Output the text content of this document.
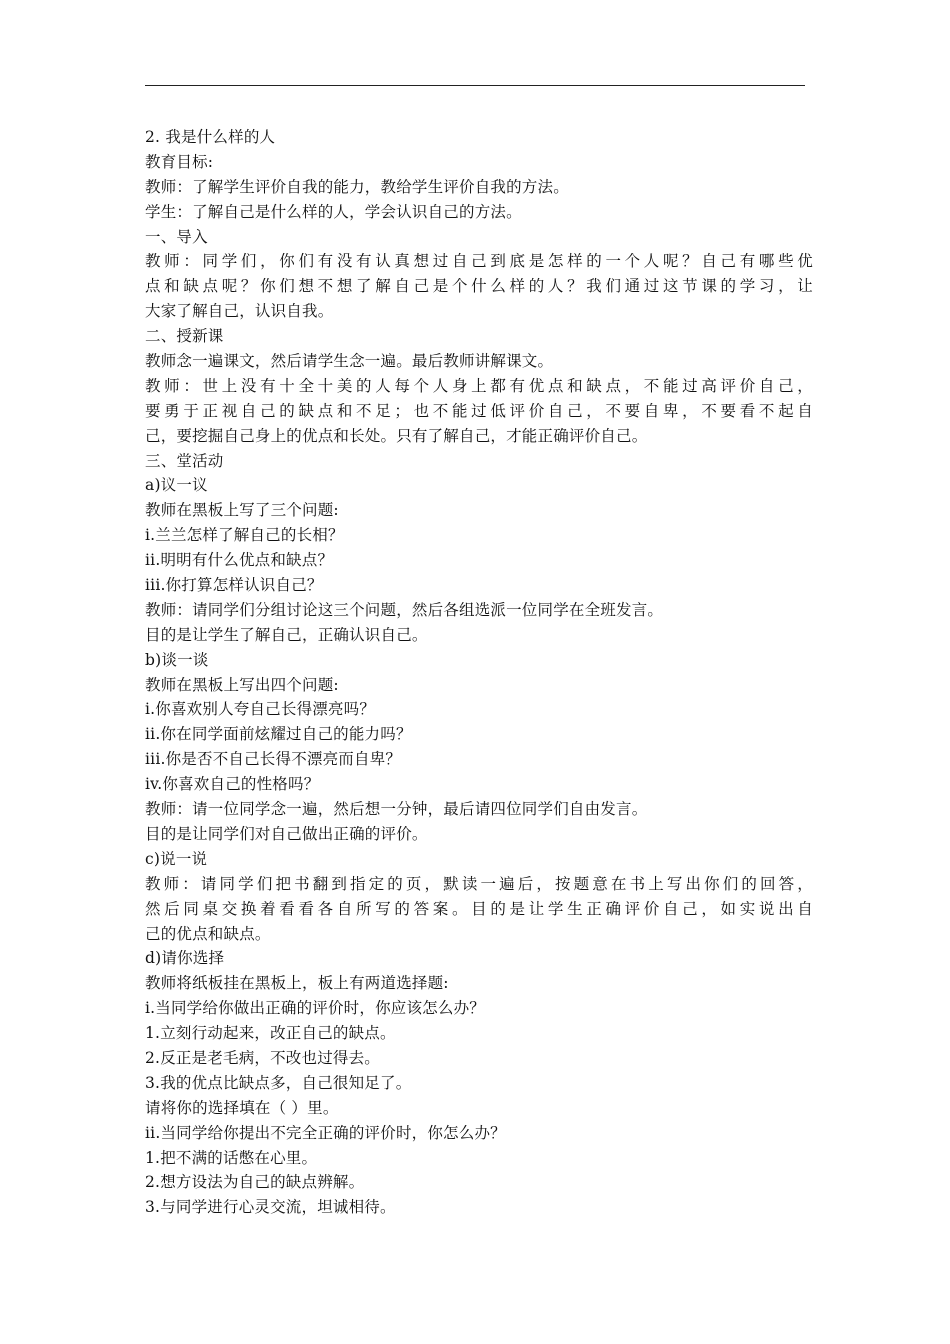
2. 我是什么样的人
教育目标:
教师：了解学生评价自我的能力，教给学生评价自我的方法。
学生：了解自己是什么样的人，学会认识自己的方法。
一、导入
教师：同学们，你们有没有认真想过自己到底是怎样的一个人呢？自己有哪些优
点和缺点呢？你们想不想了解自己是个什么样的人？我们通过这节课的学习，让
大家了解自己，认识自我。
二、授新课
教师念一遍课文，然后请学生念一遍。最后教师讲解课文。
教师：世上没有十全十美的人每个人身上都有优点和缺点，不能过高评价自己，
要勇于正视自己的缺点和不足；也不能过低评价自己，不要自卑，不要看不起自
己，要挖掘自己身上的优点和长处。只有了解自己，才能正确评价自己。
三、堂活动
a)议一议
教师在黑板上写了三个问题:
i.兰兰怎样了解自己的长相？
ii.明明有什么优点和缺点？
iii.你打算怎样认识自己？
教师：请同学们分组讨论这三个问题，然后各组选派一位同学在全班发言。
目的是让学生了解自己，正确认识自己。
b)谈一谈
教师在黑板上写出四个问题:
i.你喜欢别人夸自己长得漂亮吗？
ii.你在同学面前炫耀过自己的能力吗？
iii.你是否不自己长得不漂亮而自卑？
iv.你喜欢自己的性格吗？
教师：请一位同学念一遍，然后想一分钟，最后请四位同学们自由发言。
目的是让同学们对自己做出正确的评价。
c)说一说
教师：请同学们把书翻到指定的页，默读一遍后，按题意在书上写出你们的回答，
然后同桌交换着看看各自所写的答案。目的是让学生正确评价自己，如实说出自
己的优点和缺点。
d)请你选择
教师将纸板挂在黑板上，板上有两道选择题:
i.当同学给你做出正确的评价时，你应该怎么办？
1.立刻行动起来，改正自己的缺点。
2.反正是老毛病，不改也过得去。
3.我的优点比缺点多，自己很知足了。
请将你的选择填在（ ）里。
ii.当同学给你提出不完全正确的评价时，你怎么办？
1.把不满的话憋在心里。
2.想方设法为自己的缺点辨解。
3.与同学进行心灵交流，坦诚相待。
